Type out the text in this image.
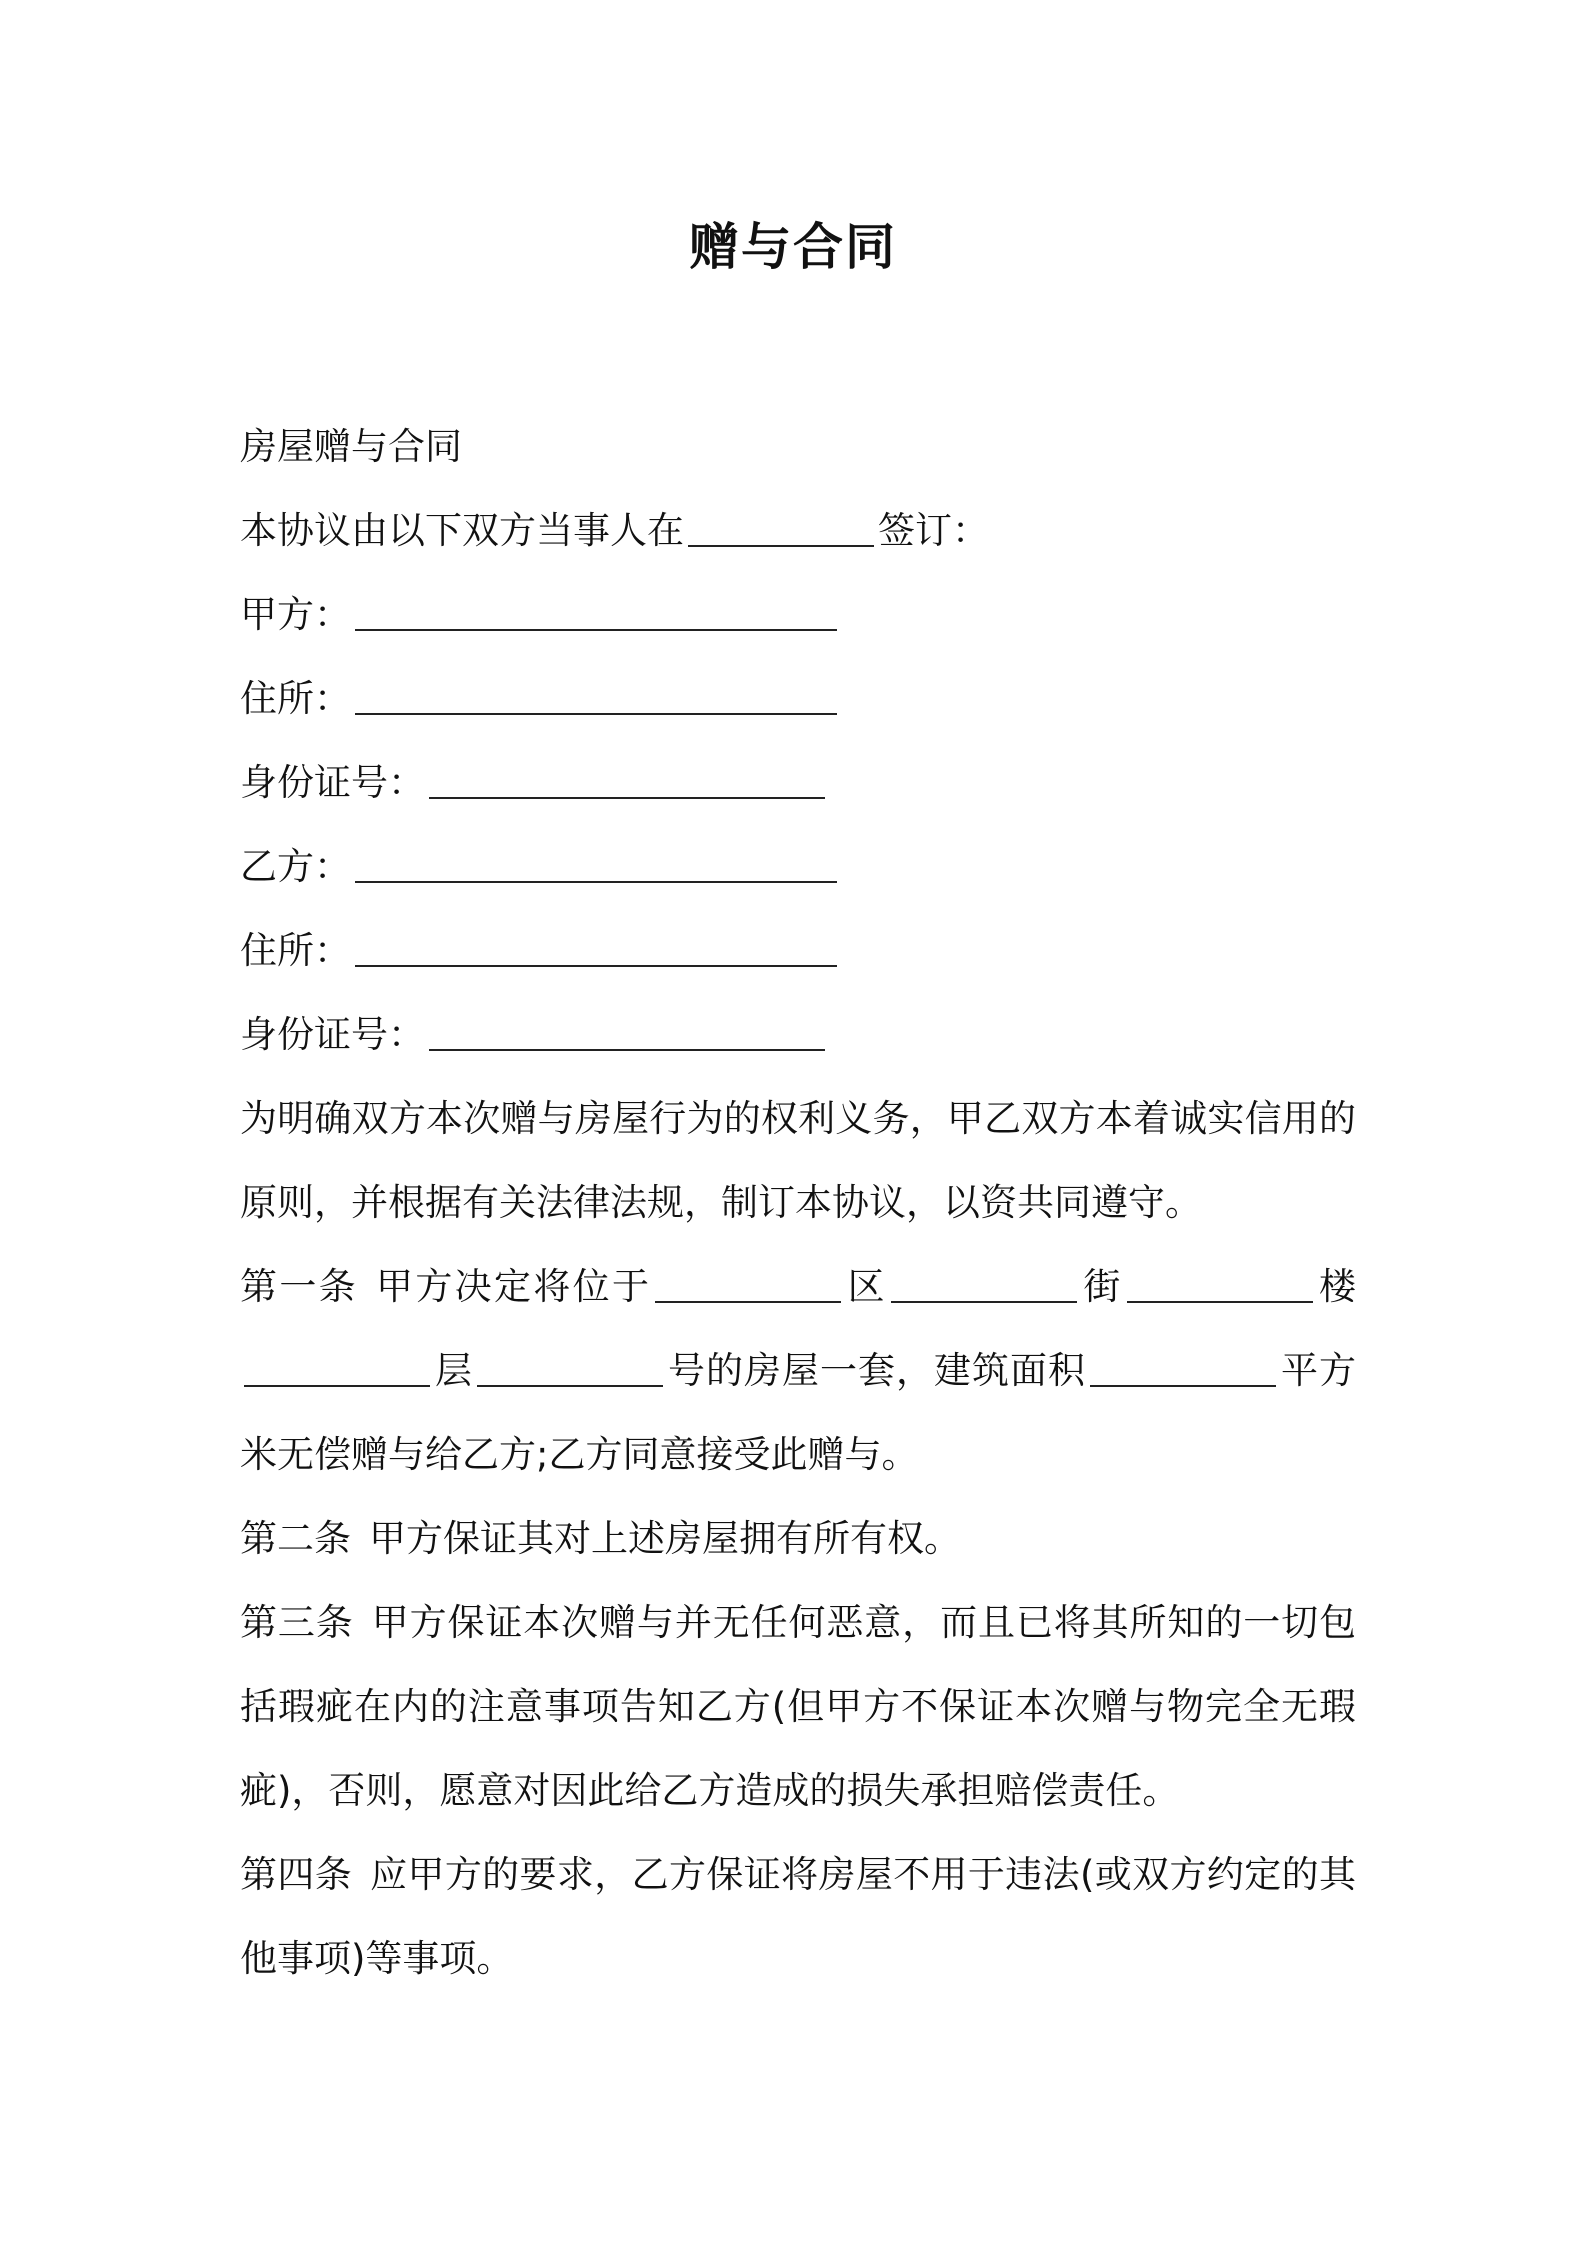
赠与合同
房屋赠与合同
本协议由以下双方当事人在	签订：
甲方：
住所：
身份证号：
乙方：
住所：
身份证号：
为明确双方本次赠与房屋行为的权利义务，甲乙双方本着诚实信用的原则，并根据有关法律法规，制订本协议，以资共同遵守。
第一条 甲方决定将位于	区	街	楼层	号的房屋一套，建筑面积	平方米无偿赠与给乙方;乙方同意接受此赠与。
第二条 甲方保证其对上述房屋拥有所有权。
第三条 甲方保证本次赠与并无任何恶意，而且已将其所知的一切包括瑕疵在内的注意事项告知乙方(但甲方不保证本次赠与物完全无瑕疵)，否则，愿意对因此给乙方造成的损失承担赔偿责任。
第四条 应甲方的要求，乙方保证将房屋不用于违法(或双方约定的其他事项)等事项。
